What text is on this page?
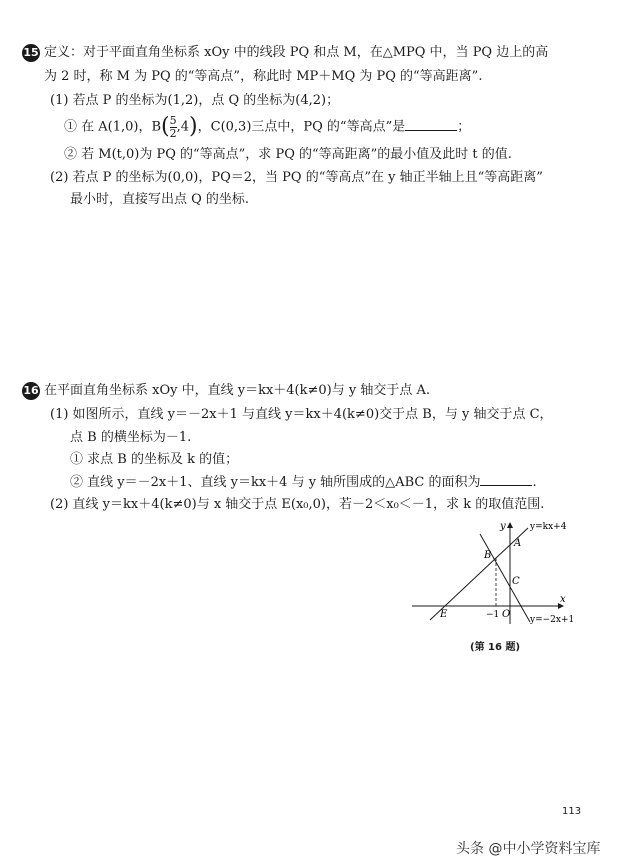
15 定义：对于平面直角坐标系 xOy 中的线段 PQ 和点 M，在△MPQ 中，当 PQ 边上的高
为 2 时，称 M 为 PQ 的“等高点”，称此时 MP＋MQ 为 PQ 的“等高距离”.
(1) 若点 P 的坐标为(1,2)，点 Q 的坐标为(4,2)；
① 在 A(1,0)，$B( \frac{5}{2} ,4)$，C(0,3)三点中，PQ 的“等高点”是	；
② 若 M(t,0)为 PQ 的“等高点”，求 PQ 的“等高距离”的最小值及此时 t 的值.
(2) 若点 P 的坐标为(0,0)，PQ＝2，当 PQ 的“等高点”在 y 轴正半轴上且“等高距离”
最小时，直接写出点 Q 的坐标.
16 在平面直角坐标系 xOy 中，直线 y＝kx＋4(k≠0)与 y 轴交于点 A.
(1) 如图所示，直线 y＝－2x＋1 与直线 y＝kx＋4(k≠0)交于点 B，与 y 轴交于点 C，
点 B 的横坐标为－1.
① 求点 B 的坐标及 k 的值；
② 直线 y＝－2x＋1、直线 y＝kx＋4 与 y 轴所围成的△ABC 的面积为	.
(2) 直线 y＝kx＋4(k≠0)与 x 轴交于点 E(x₀,0)，若－2＜x₀＜－1，求 k 的取值范围.
y
x
y=kx+4
y=−2x+1
A
B
C
E	O
−1
(第 16 题)
113
头条 @中小学资料宝库
